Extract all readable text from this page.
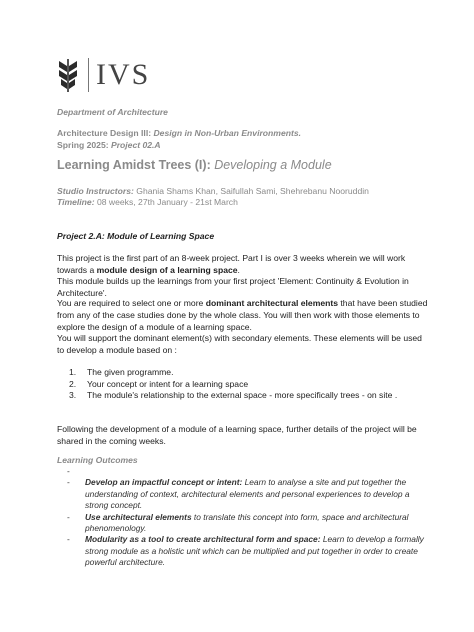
IVS
Department of Architecture
Architecture Design III: Design in Non-Urban Environments.
Spring 2025: Project 02.A
Learning Amidst Trees (I): Developing a Module
Studio Instructors: Ghania Shams Khan, Saifullah Sami, Shehrebanu Nooruddin
Timeline: 08 weeks, 27th January - 21st March
Project 2.A: Module of Learning Space
This project is the first part of an 8-week project. Part I is over 3 weeks wherein we will work towards a module design of a learning space.
This module builds up the learnings from your first project 'Element: Continuity & Evolution in Architecture'.
You are required to select one or more dominant architectural elements that have been studied from any of the case studies done by the whole class. You will then work with those elements to explore the design of a module of a learning space.
You will support the dominant element(s) with secondary elements. These elements will be used to develop a module based on :
1.	The given programme.
2.	Your concept or intent for a learning space
3.	The module's relationship to the external space - more specifically trees - on site .
Following the development of a module of a learning space, further details of the project will be shared in the coming weeks.
Learning Outcomes
-
-	Develop an impactful concept or intent: Learn to analyse a site and put together the understanding of context, architectural elements and personal experiences to develop a strong concept.
-	Use architectural elements to translate this concept into form, space and architectural phenomenology.
-	Modularity as a tool to create architectural form and space: Learn to develop a formally strong module as a holistic unit which can be multiplied and put together in order to create powerful architecture.
